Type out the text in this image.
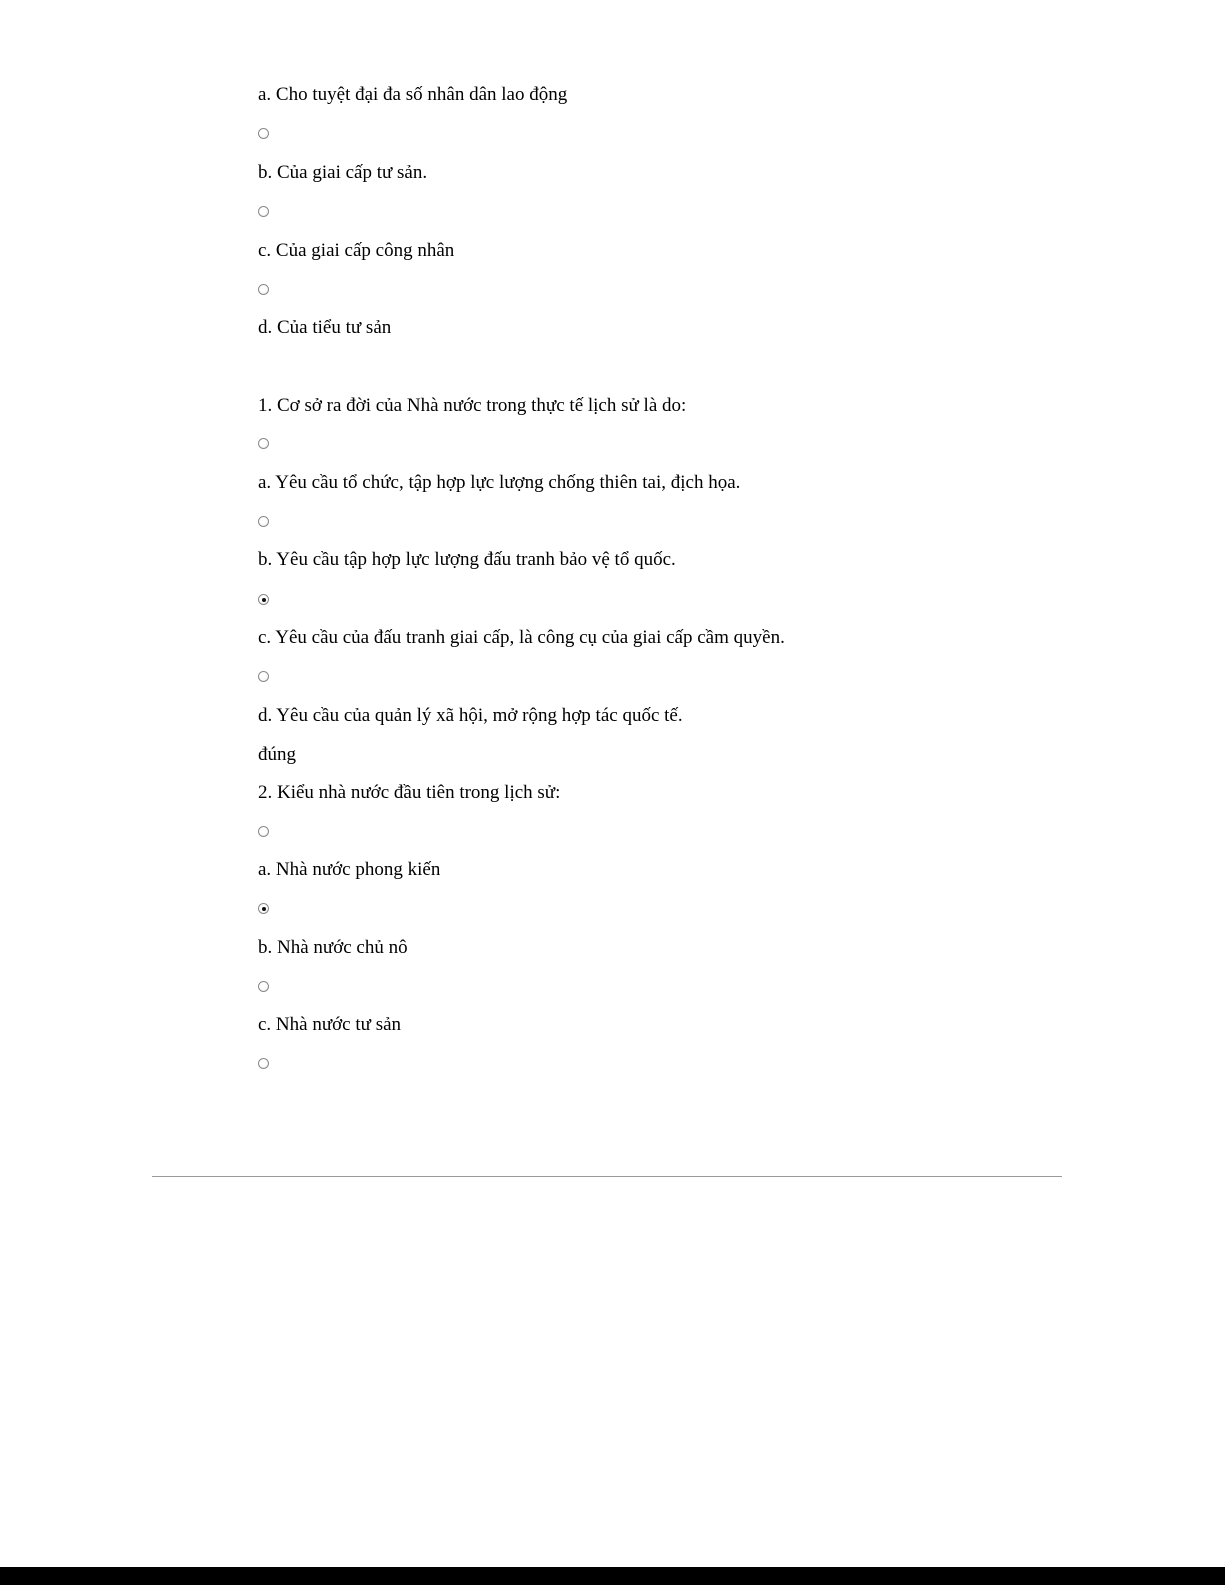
a. Cho tuyệt đại đa số nhân dân lao động
b. Của giai cấp tư sản.
c. Của giai cấp công nhân
d. Của tiểu tư sản
1. Cơ sở ra đời của Nhà nước trong thực tế lịch sử là do:
a. Yêu cầu tổ chức, tập hợp lực lượng chống thiên tai, địch họa.
b. Yêu cầu tập hợp lực lượng đấu tranh bảo vệ tổ quốc.
c. Yêu cầu của đấu tranh giai cấp, là công cụ của giai cấp cầm quyền.
d. Yêu cầu của quản lý xã hội, mở rộng hợp tác quốc tế.
đúng
2. Kiểu nhà nước đầu tiên trong lịch sử:
a. Nhà nước phong kiến
b. Nhà nước chủ nô
c. Nhà nước tư sản
